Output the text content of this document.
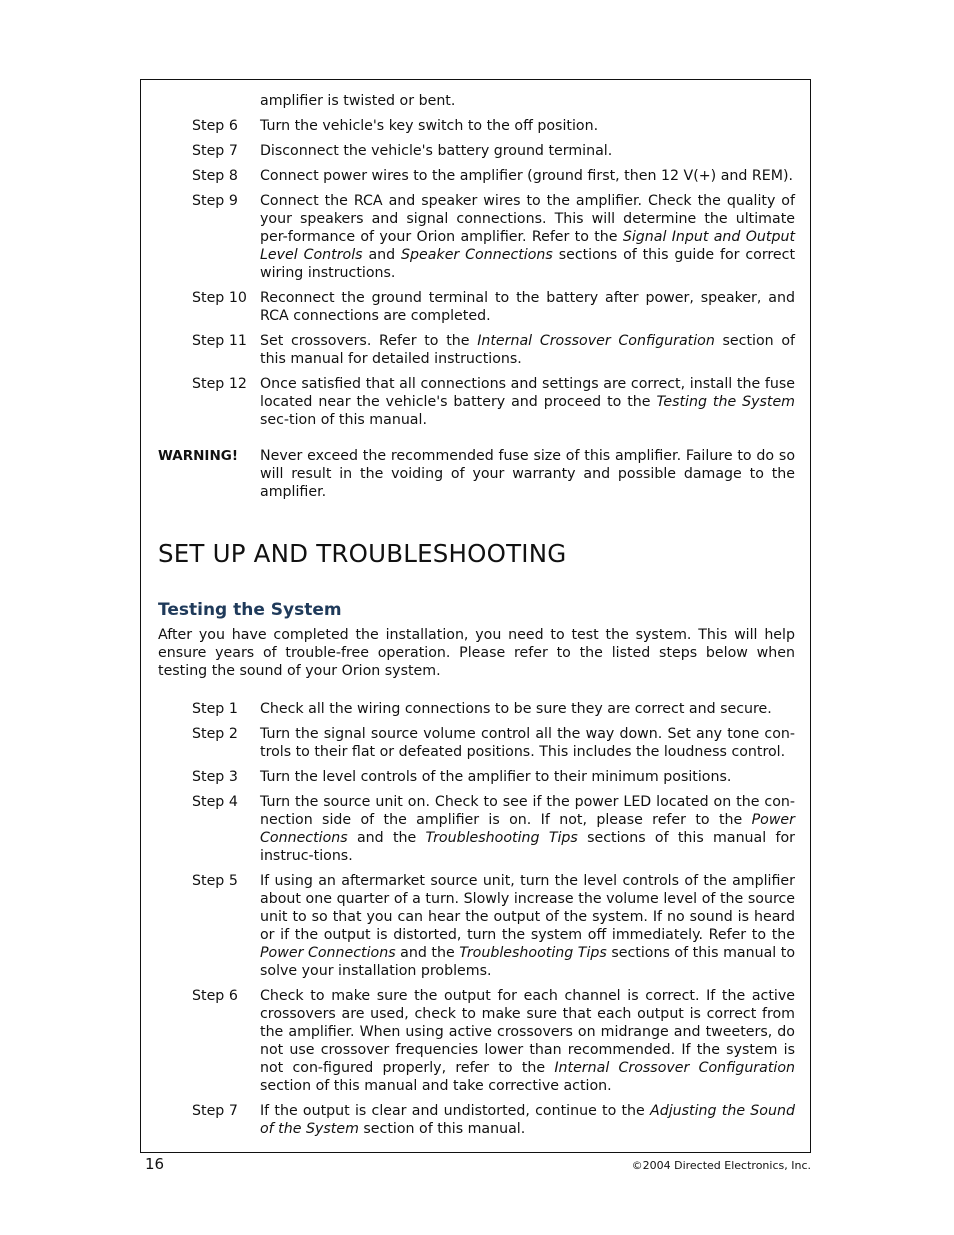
amplifier is twisted or bent.
Step 6	Turn the vehicle's key switch to the off position.
Step 7	Disconnect the vehicle's battery ground terminal.
Step 8	Connect power wires to the amplifier (ground first, then 12 V(+) and REM).
Step 9	Connect the RCA and speaker wires to the amplifier. Check the quality of your speakers and signal connections. This will determine the ultimate per-formance of your Orion amplifier. Refer to the Signal Input and Output Level Controls and Speaker Connections sections of this guide for correct wiring instructions.
Step 10 Reconnect the ground terminal to the battery after power, speaker, and RCA connections are completed.
Step 11 Set crossovers. Refer to the Internal Crossover Configuration section of this manual for detailed instructions.
Step 12 Once satisfied that all connections and settings are correct, install the fuse located near the vehicle's battery and proceed to the Testing the System sec-tion of this manual.
WARNING!	Never exceed the recommended fuse size of this amplifier. Failure to do so will result in the voiding of your warranty and possible damage to the amplifier.
SET UP AND TROUBLESHOOTING
Testing the System

After you have completed the installation, you need to test the system. This will help ensure years of trouble-free operation. Please refer to the listed steps below when testing the sound of your Orion system.

Step 1	Check all the wiring connections to be sure they are correct and secure.
Step 2	Turn the signal source volume control all the way down. Set any tone con-trols to their flat or defeated positions. This includes the loudness control.
Step 3	Turn the level controls of the amplifier to their minimum positions.
Step 4	Turn the source unit on. Check to see if the power LED located on the con-nection side of the amplifier is on. If not, please refer to the Power Connections and the Troubleshooting Tips sections of this manual for instruc-tions.
Step 5	If using an aftermarket source unit, turn the level controls of the amplifier about one quarter of a turn. Slowly increase the volume level of the source unit to so that you can hear the output of the system. If no sound is heard or if the output is distorted, turn the system off immediately. Refer to the Power Connections and the Troubleshooting Tips sections of this manual to solve your installation problems.
Step 6	Check to make sure the output for each channel is correct. If the active crossovers are used, check to make sure that each output is correct from the amplifier. When using active crossovers on midrange and tweeters, do not use crossover frequencies lower than recommended. If the system is not con-figured properly, refer to the Internal Crossover Configuration section of this manual and take corrective action.
Step 7	If the output is clear and undistorted, continue to the Adjusting the Sound of the System section of this manual.
16	©2004 Directed Electronics, Inc.
